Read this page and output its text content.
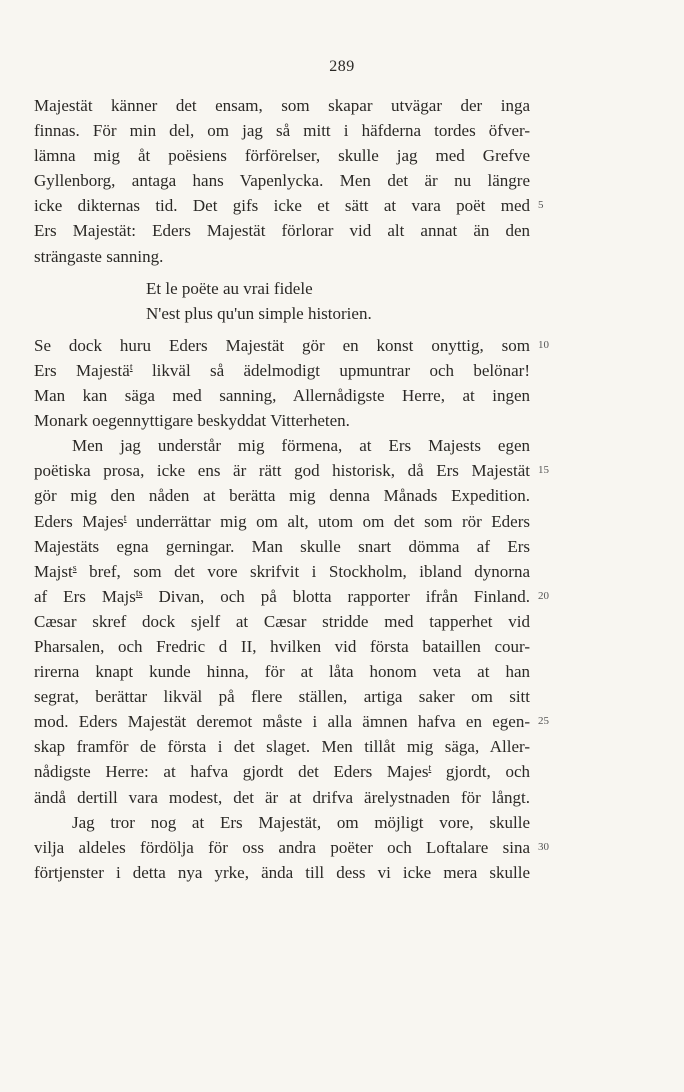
289
Majestät känner det ensam, som skapar utvägar der inga
finnas. För min del, om jag så mitt i häfderna tordes öfver-
lämna mig åt poësiens förförelser, skulle jag med Grefve
Gyllenborg, antaga hans Vapenlycka. Men det är nu längre
icke dikternas tid. Det gifs icke et sätt at vara poët med 5
Ers Majestät: Eders Majestät förlorar vid alt annat än den
strängaste sanning.
Et le poëte au vrai fidele
N'est plus qu'un simple historien.
Se dock huru Eders Majestät gör en konst onyttig, som 10
Ers Majestä$^t$ likväl så ädelmodigt upmuntrar och belönar!
Man kan säga med sanning, Allernådigste Herre, at ingen
Monark oegennyttigare beskyddat Vitterheten.
Men jag understår mig förmena, at Ers Majests egen
poëtiska prosa, icke ens är rätt god historisk, då Ers Majestät 15
gör mig den nåden at berätta mig denna Månads Expedition.
Eders Majes$^t$ underrättar mig om alt, utom om det som rör Eders
Majestäts egna gerningar. Man skulle snart dömma af Ers
Majst$^s$ bref, som det vore skrifvit i Stockholm, ibland dynorna
af Ers Majs$^{ts}$ Divan, och på blotta rapporter ifrån Finland. 20
Cæsar skref dock sjelf at Cæsar stridde med tapperhet vid
Pharsalen, och Fredric d II, hvilken vid första bataillen cour-
rirerna knapt kunde hinna, för at låta honom veta at han
segrat, berättar likväl på flere ställen, artiga saker om sitt
mod. Eders Majestät deremot måste i alla ämnen hafva en egen- 25
skap framför de första i det slaget. Men tillåt mig säga, Aller-
nådigste Herre: at hafva gjordt det Eders Majes$^t$ gjordt, och
ändå dertill vara modest, det är at drifva ärelystnaden för långt.
Jag tror nog at Ers Majestät, om möjligt vore, skulle
vilja aldeles fördölja för oss andra poëter och Loftalare sina 30
förtjenster i detta nya yrke, ända till dess vi icke mera skulle
